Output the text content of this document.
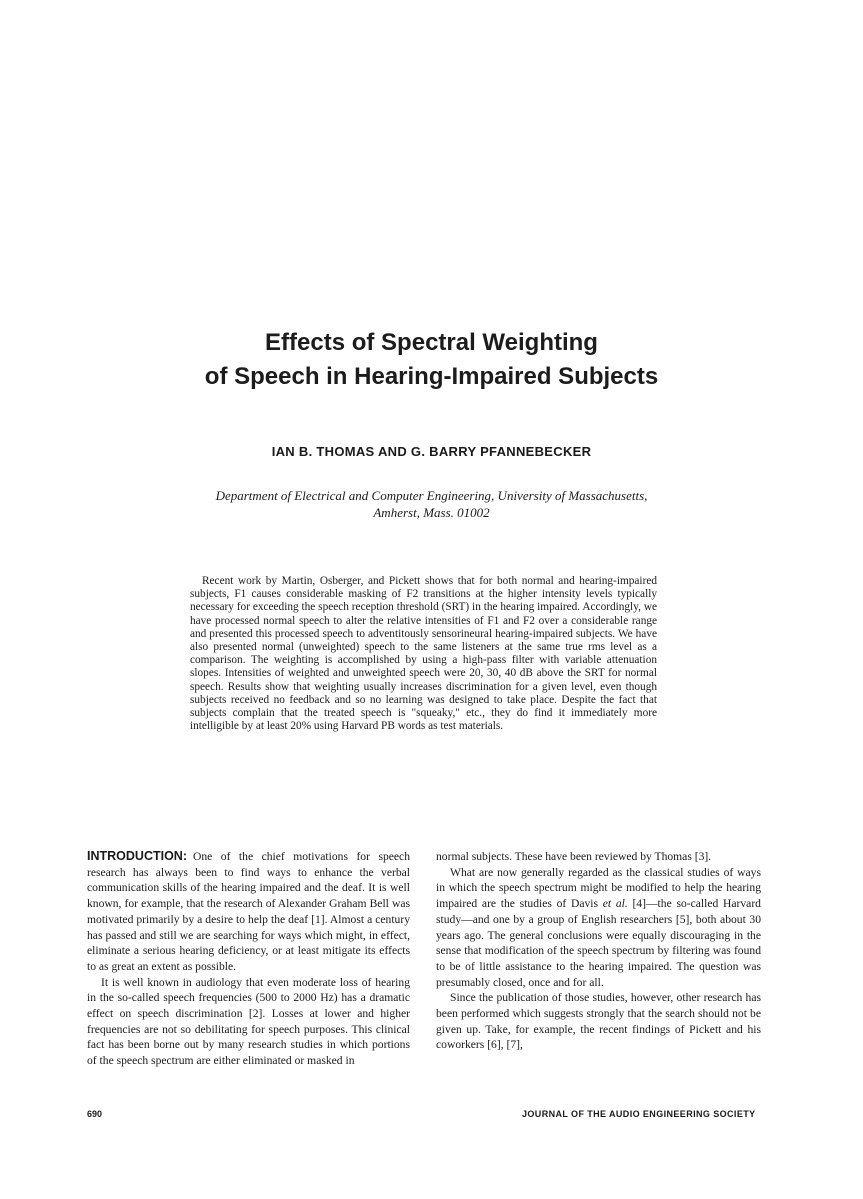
Effects of Spectral Weighting
of Speech in Hearing-Impaired Subjects
IAN B. THOMAS AND G. BARRY PFANNEBECKER
Department of Electrical and Computer Engineering, University of Massachusetts,
Amherst, Mass. 01002
Recent work by Martin, Osberger, and Pickett shows that for both normal and hearing-impaired subjects, F1 causes considerable masking of F2 transitions at the higher intensity levels typically necessary for exceeding the speech reception threshold (SRT) in the hearing impaired. Accordingly, we have processed normal speech to alter the relative intensities of F1 and F2 over a considerable range and presented this processed speech to adventitously sensorineural hearing-impaired subjects. We have also presented normal (unweighted) speech to the same listeners at the same true rms level as a comparison. The weighting is accomplished by using a high-pass filter with variable attenuation slopes. Intensities of weighted and unweighted speech were 20, 30, 40 dB above the SRT for normal speech. Results show that weighting usually increases discrimination for a given level, even though subjects received no feedback and so no learning was designed to take place. Despite the fact that subjects complain that the treated speech is "squeaky," etc., they do find it immediately more intelligible by at least 20% using Harvard PB words as test materials.

INTRODUCTION: One of the chief motivations for speech research has always been to find ways to enhance the verbal communication skills of the hearing impaired and the deaf. It is well known, for example, that the research of Alexander Graham Bell was motivated primarily by a desire to help the deaf [1]. Almost a century has passed and still we are searching for ways which might, in effect, eliminate a serious hearing deficiency, or at least mitigate its effects to as great an extent as possible.

It is well known in audiology that even moderate loss of hearing in the so-called speech frequencies (500 to 2000 Hz) has a dramatic effect on speech discrimination [2]. Losses at lower and higher frequencies are not so debilitating for speech purposes. This clinical fact has been borne out by many research studies in which portions of the speech spectrum are either eliminated or masked in

normal subjects. These have been reviewed by Thomas [3].

What are now generally regarded as the classical studies of ways in which the speech spectrum might be modified to help the hearing impaired are the studies of Davis et al. [4]—the so-called Harvard study—and one by a group of English researchers [5], both about 30 years ago. The general conclusions were equally discouraging in the sense that modification of the speech spectrum by filtering was found to be of little assistance to the hearing impaired. The question was presumably closed, once and for all.

Since the publication of those studies, however, other research has been performed which suggests strongly that the search should not be given up. Take, for example, the recent findings of Pickett and his coworkers [6], [7],

690	JOURNAL OF THE AUDIO ENGINEERING SOCIETY
